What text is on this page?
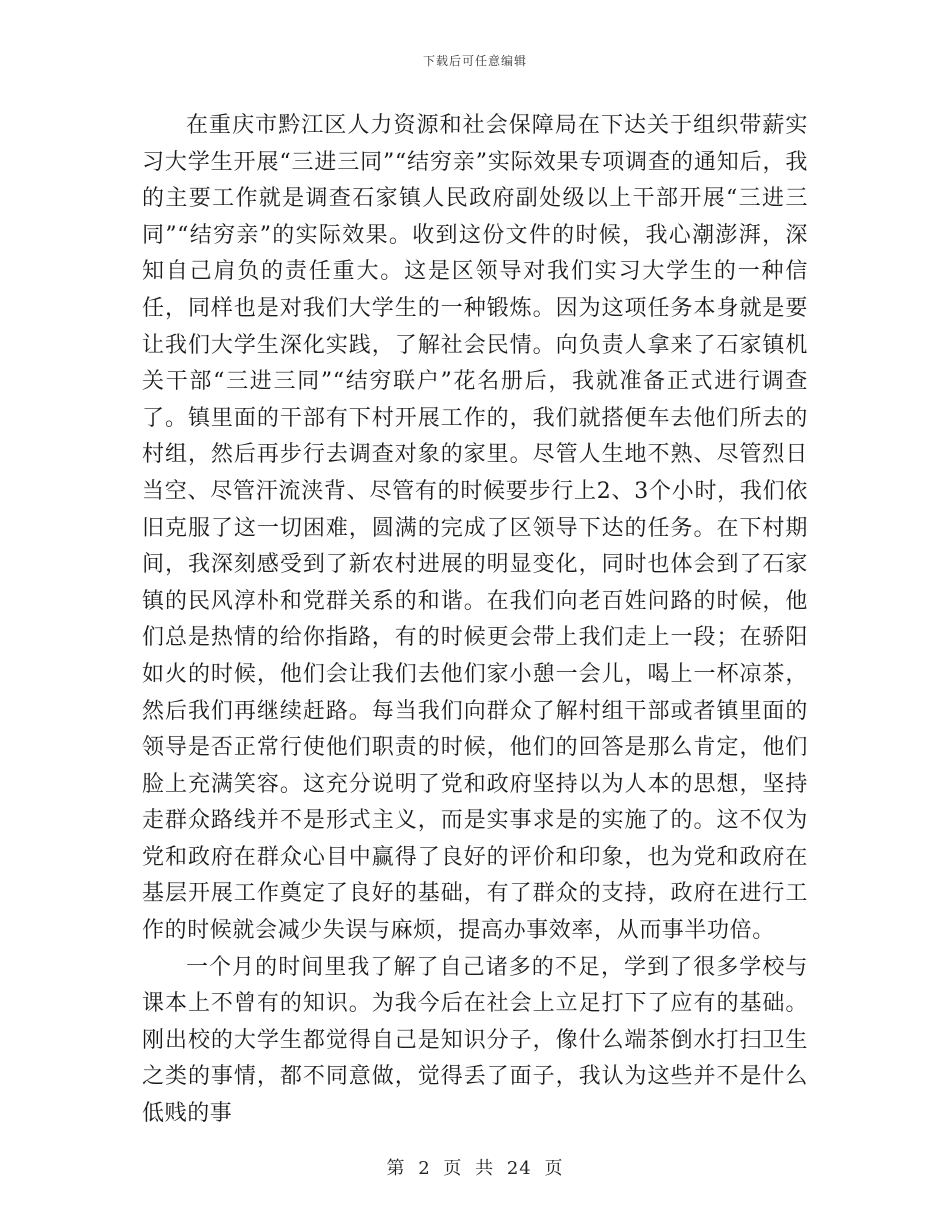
下载后可任意编辑

在重庆市黔江区人力资源和社会保障局在下达关于组织带薪实习大学生开展“三进三同”“结穷亲”实际效果专项调查的通知后，我的主要工作就是调查石家镇人民政府副处级以上干部开展“三进三同”“结穷亲”的实际效果。收到这份文件的时候，我心潮澎湃，深知自己肩负的责任重大。这是区领导对我们实习大学生的一种信任，同样也是对我们大学生的一种锻炼。因为这项任务本身就是要让我们大学生深化实践，了解社会民情。向负责人拿来了石家镇机关干部“三进三同”“结穷联户”花名册后，我就准备正式进行调查了。镇里面的干部有下村开展工作的，我们就搭便车去他们所去的村组，然后再步行去调查对象的家里。尽管人生地不熟、尽管烈日当空、尽管汗流浃背、尽管有的时候要步行上2、3个小时，我们依旧克服了这一切困难，圆满的完成了区领导下达的任务。在下村期间，我深刻感受到了新农村进展的明显变化，同时也体会到了石家镇的民风淳朴和党群关系的和谐。在我们向老百姓问路的时候，他们总是热情的给你指路，有的时候更会带上我们走上一段；在骄阳如火的时候，他们会让我们去他们家小憩一会儿，喝上一杯凉茶，然后我们再继续赶路。每当我们向群众了解村组干部或者镇里面的领导是否正常行使他们职责的时候，他们的回答是那么肯定，他们脸上充满笑容。这充分说明了党和政府坚持以为人本的思想，坚持走群众路线并不是形式主义，而是实事求是的实施了的。这不仅为党和政府在群众心目中赢得了良好的评价和印象，也为党和政府在基层开展工作奠定了良好的基础，有了群众的支持，政府在进行工作的时候就会减少失误与麻烦，提高办事效率，从而事半功倍。

一个月的时间里我了解了自己诸多的不足，学到了很多学校与课本上不曾有的知识。为我今后在社会上立足打下了应有的基础。刚出校的大学生都觉得自己是知识分子，像什么端茶倒水打扫卫生之类的事情，都不同意做，觉得丢了面子，我认为这些并不是什么低贱的事

第 2 页 共 24 页
